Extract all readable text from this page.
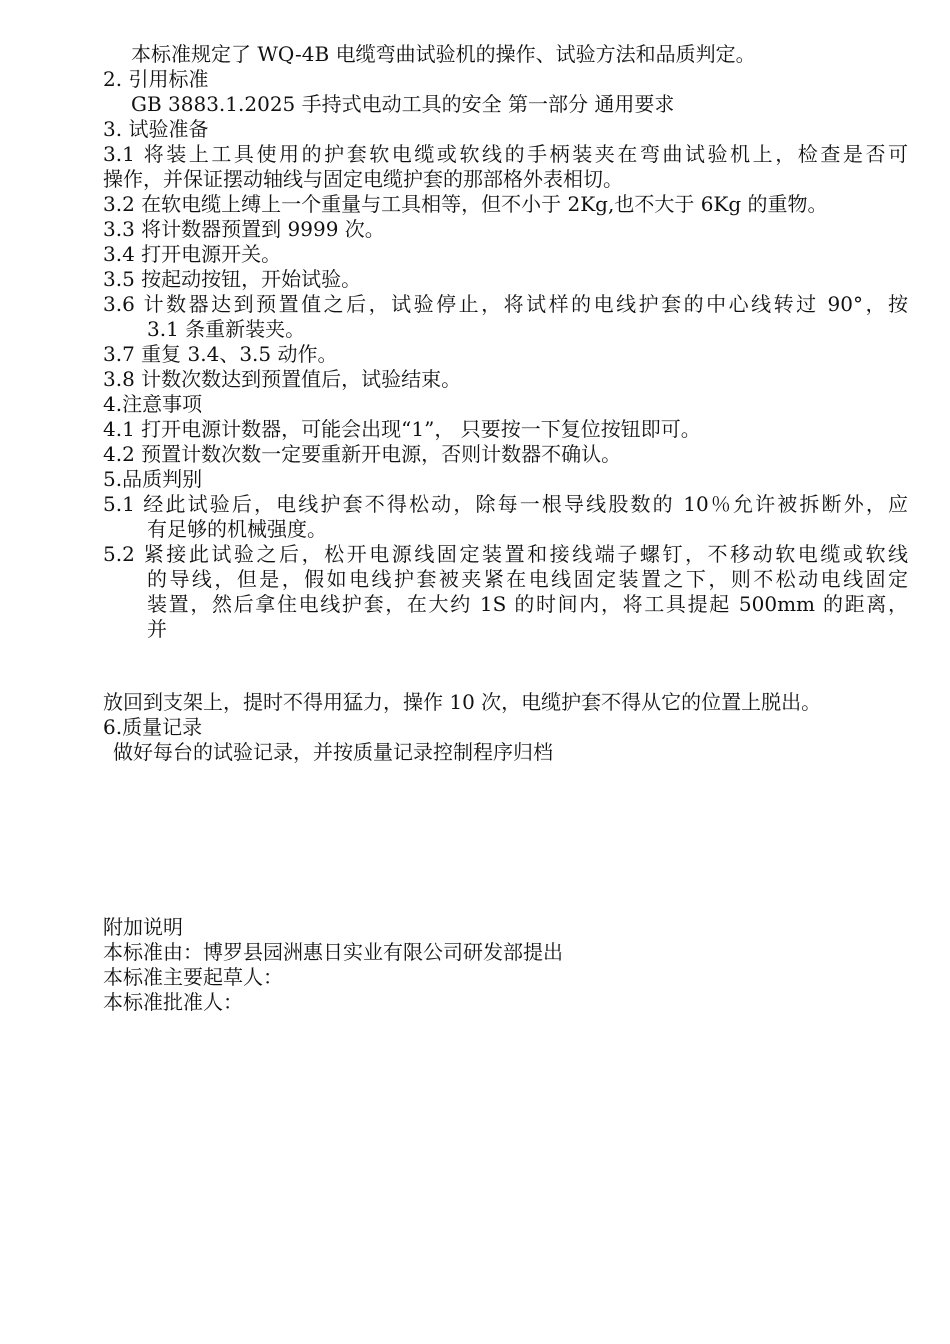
本标准规定了 WQ-4B 电缆弯曲试验机的操作、试验方法和品质判定。
2. 引用标准
GB 3883.1.2025 手持式电动工具的安全 第一部分 通用要求
3. 试验准备
3.1 将装上工具使用的护套软电缆或软线的手柄装夹在弯曲试验机上，检查是否可
操作，并保证摆动轴线与固定电缆护套的那部格外表相切。
3.2 在软电缆上缚上一个重量与工具相等，但不小于 2Kg,也不大于 6Kg 的重物。
3.3 将计数器预置到 9999 次。
3.4 打开电源开关。
3.5 按起动按钮，开始试验。
3.6 计数器达到预置值之后，试验停止，将试样的电线护套的中心线转过 90°，按
3.1 条重新装夹。
3.7 重复 3.4、3.5 动作。
3.8 计数次数达到预置值后，试验结束。
4.注意事项
4.1 打开电源计数器，可能会出现“1”， 只要按一下复位按钮即可。
4.2 预置计数次数一定要重新开电源，否则计数器不确认。
5.品质判别
5.1 经此试验后，电线护套不得松动，除每一根导线股数的 10％允许被拆断外，应
有足够的机械强度。
5.2 紧接此试验之后，松开电源线固定装置和接线端子螺钉，不移动软电缆或软线
的导线，但是，假如电线护套被夹紧在电线固定装置之下，则不松动电线固定
装置，然后拿住电线护套，在大约 1S 的时间内，将工具提起 500mm 的距离，
并
放回到支架上，提时不得用猛力，操作 10 次，电缆护套不得从它的位置上脱出。
6.质量记录
做好每台的试验记录，并按质量记录控制程序归档
附加说明
本标准由：博罗县园洲惠日实业有限公司研发部提出
本标准主要起草人：
本标准批准人：
